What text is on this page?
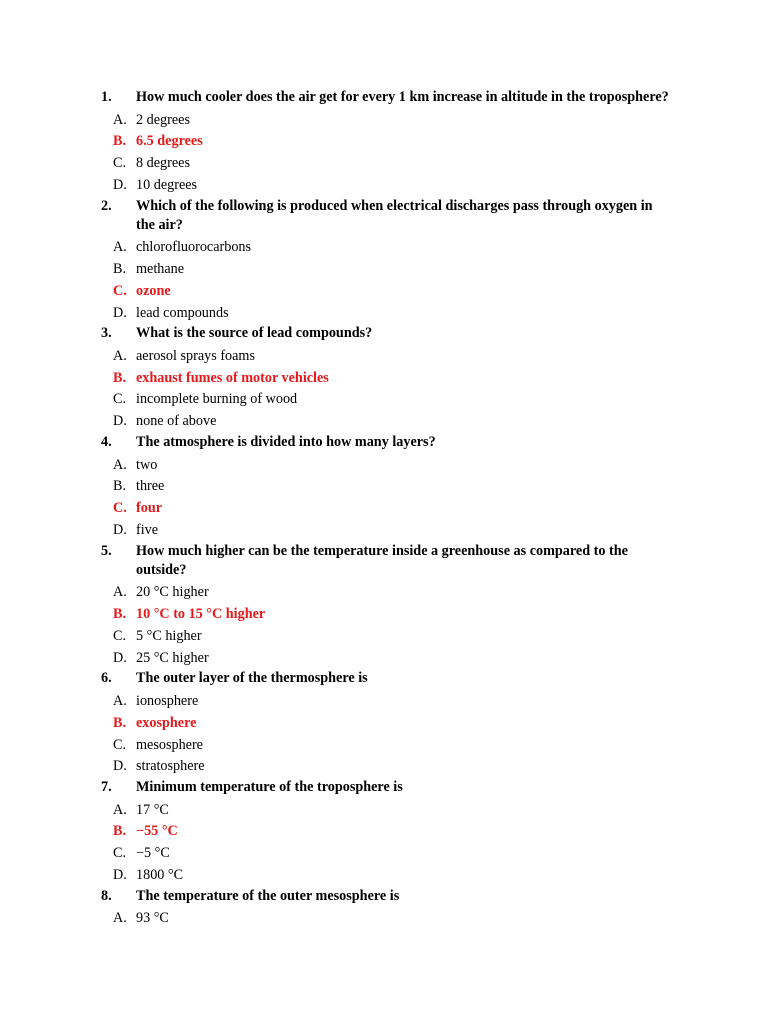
1. How much cooler does the air get for every 1 km increase in altitude in the troposphere?
A. 2 degrees
B. 6.5 degrees
C. 8 degrees
D. 10 degrees
2. Which of the following is produced when electrical discharges pass through oxygen in the air?
A. chlorofluorocarbons
B. methane
C. ozone
D. lead compounds
3. What is the source of lead compounds?
A. aerosol sprays foams
B. exhaust fumes of motor vehicles
C. incomplete burning of wood
D. none of above
4. The atmosphere is divided into how many layers?
A. two
B. three
C. four
D. five
5. How much higher can be the temperature inside a greenhouse as compared to the outside?
A. 20 °C higher
B. 10 °C to 15 °C higher
C. 5 °C higher
D. 25 °C higher
6. The outer layer of the thermosphere is
A. ionosphere
B. exosphere
C. mesosphere
D. stratosphere
7. Minimum temperature of the troposphere is
A. 17 °C
B. −55 °C
C. −5 °C
D. 1800 °C
8. The temperature of the outer mesosphere is
A. 93 °C
